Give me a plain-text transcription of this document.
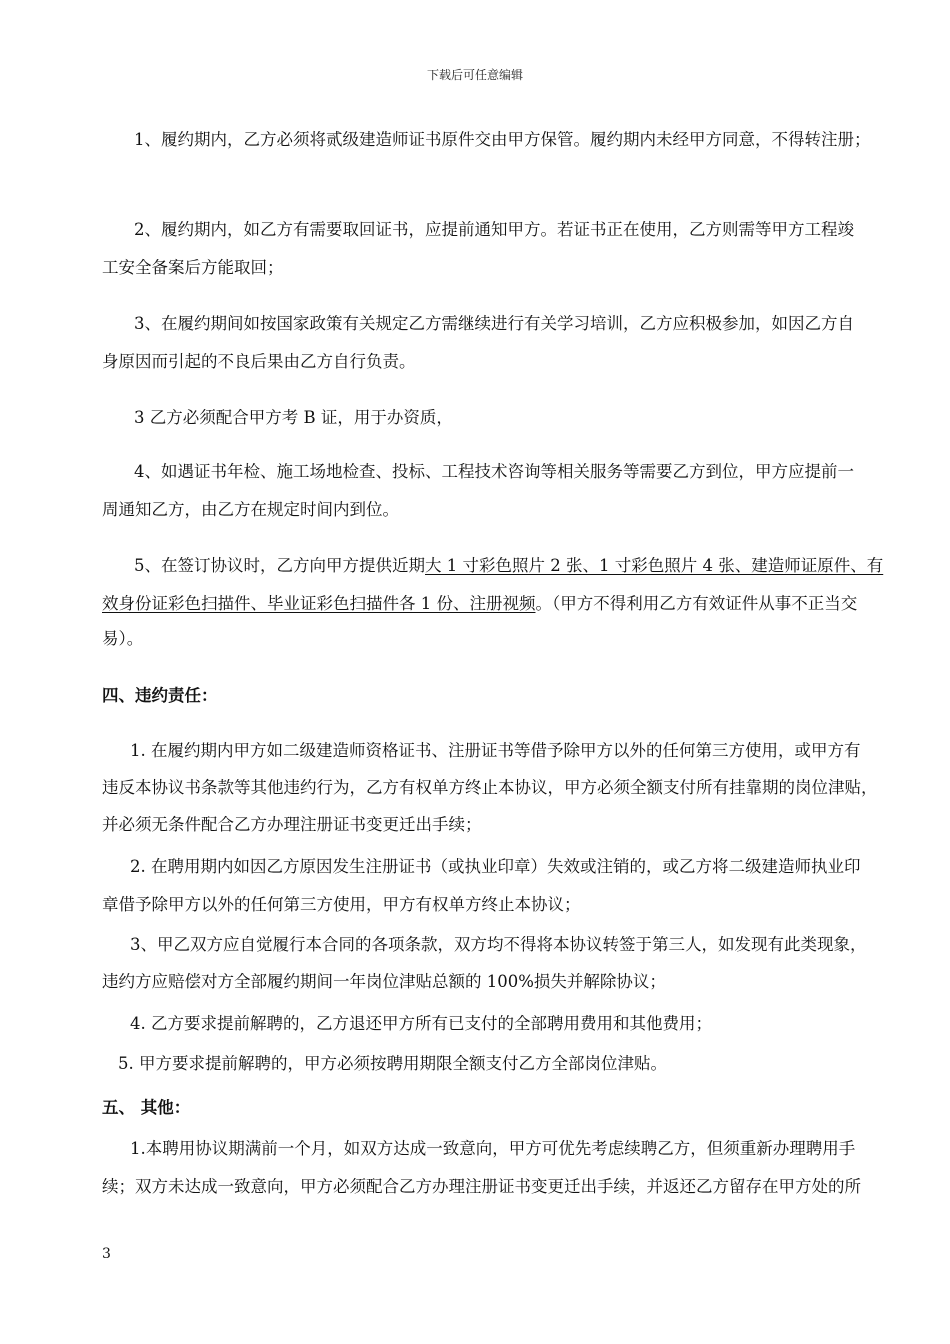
下载后可任意编辑
1、履约期内，乙方必须将贰级建造师证书原件交由甲方保管。履约期内未经甲方同意，不得转注册；
2、履约期内，如乙方有需要取回证书，应提前通知甲方。若证书正在使用，乙方则需等甲方工程竣
工安全备案后方能取回；
3、在履约期间如按国家政策有关规定乙方需继续进行有关学习培训，乙方应积极参加，如因乙方自
身原因而引起的不良后果由乙方自行负责。
3 乙方必须配合甲方考 B 证，用于办资质，
4、如遇证书年检、施工场地检查、投标、工程技术咨询等相关服务等需要乙方到位，甲方应提前一
周通知乙方，由乙方在规定时间内到位。
5、在签订协议时，乙方向甲方提供近期大 1 寸彩色照片 2 张、1 寸彩色照片 4 张、建造师证原件、有
效身份证彩色扫描件、毕业证彩色扫描件各 1 份、注册视频。（甲方不得利用乙方有效证件从事不正当交
易）。
四、违约责任：
1. 在履约期内甲方如二级建造师资格证书、注册证书等借予除甲方以外的任何第三方使用，或甲方有
违反本协议书条款等其他违约行为，乙方有权单方终止本协议，甲方必须全额支付所有挂靠期的岗位津贴，
并必须无条件配合乙方办理注册证书变更迁出手续；
2. 在聘用期内如因乙方原因发生注册证书（或执业印章）失效或注销的，或乙方将二级建造师执业印
章借予除甲方以外的任何第三方使用，甲方有权单方终止本协议；
3、甲乙双方应自觉履行本合同的各项条款，双方均不得将本协议转签于第三人，如发现有此类现象，
违约方应赔偿对方全部履约期间一年岗位津贴总额的 100%损失并解除协议；
4. 乙方要求提前解聘的，乙方退还甲方所有已支付的全部聘用费用和其他费用；
5. 甲方要求提前解聘的，甲方必须按聘用期限全额支付乙方全部岗位津贴。
五、 其他：
1.本聘用协议期满前一个月，如双方达成一致意向，甲方可优先考虑续聘乙方，但须重新办理聘用手
续；双方未达成一致意向，甲方必须配合乙方办理注册证书变更迁出手续，并返还乙方留存在甲方处的所
3
